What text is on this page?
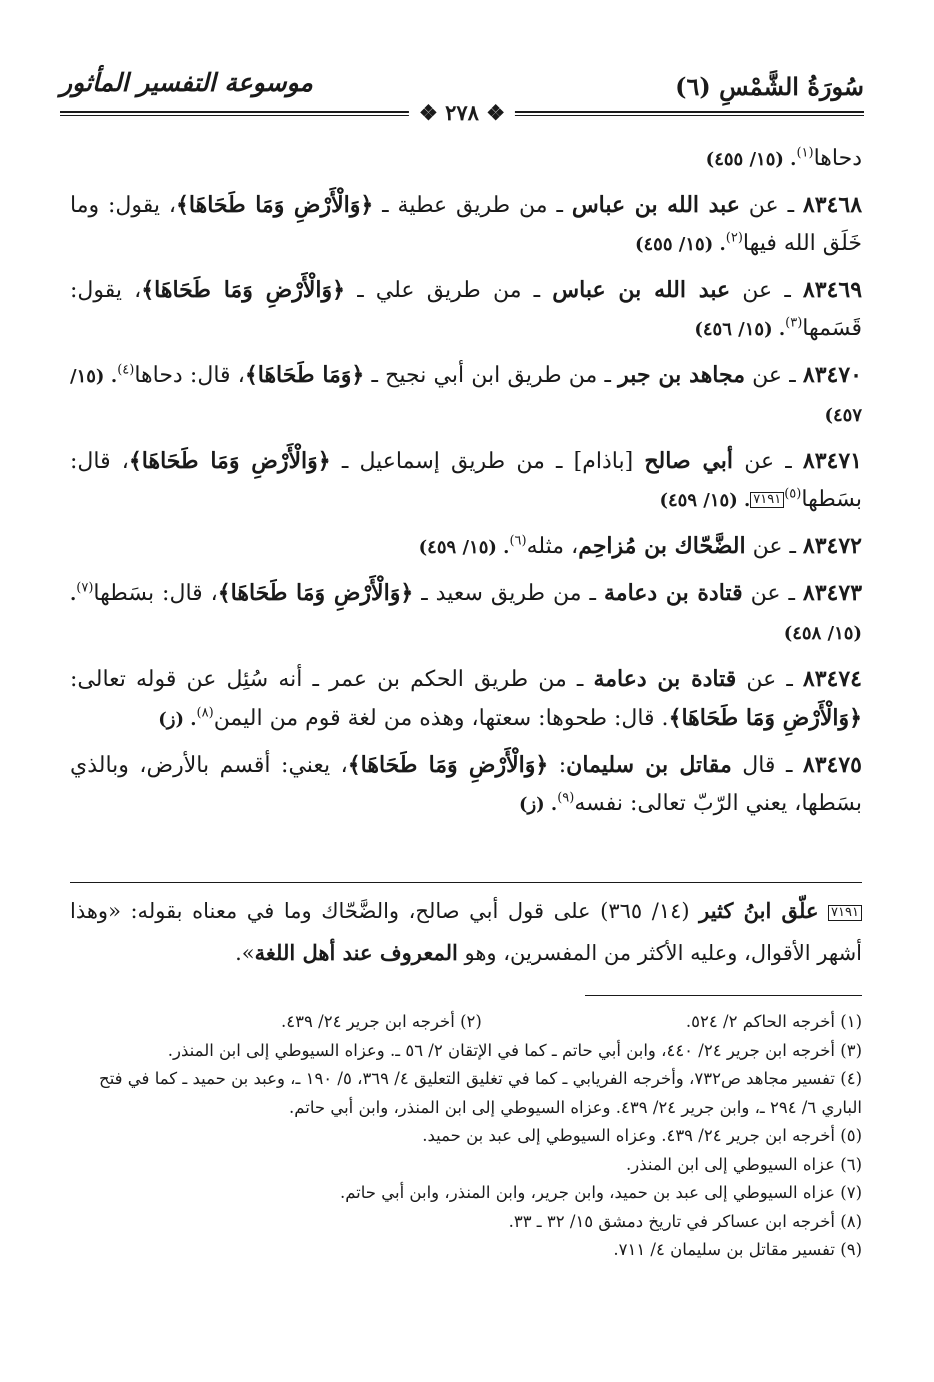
سُورَةُ الشَّمْسِ (٦)
موسوعة التفسير المأثور
❖ ٢٧٨ ❖

دحاها$^{(١)}$. (١٥/ ٤٥٥)

٨٣٤٦٨ ـ عن عبد الله بن عباس ـ من طريق عطية ـ ﴿وَالْأَرْضِ وَمَا طَحَاهَا﴾، يقول: وما خَلَق الله فيها$^{(٢)}$. (١٥/ ٤٥٥)

٨٣٤٦٩ ـ عن عبد الله بن عباس ـ من طريق علي ـ ﴿وَالْأَرْضِ وَمَا طَحَاهَا﴾، يقول: قَسَمها$^{(٣)}$. (١٥/ ٤٥٦)

٨٣٤٧٠ ـ عن مجاهد بن جبر ـ من طريق ابن أبي نجيح ـ ﴿وَمَا طَحَاهَا﴾، قال: دحاها$^{(٤)}$. (١٥/ ٤٥٧)

٨٣٤٧١ ـ عن أبي صالح [باذام] ـ من طريق إسماعيل ـ ﴿وَالْأَرْضِ وَمَا طَحَاهَا﴾، قال: بسَطها$^{(٥)}$٧١٩١. (١٥/ ٤٥٩)

٨٣٤٧٢ ـ عن الضَّحّاك بن مُزاحِم، مثله$^{(٦)}$. (١٥/ ٤٥٩)

٨٣٤٧٣ ـ عن قتادة بن دعامة ـ من طريق سعيد ـ ﴿وَالْأَرْضِ وَمَا طَحَاهَا﴾، قال: بسَطها$^{(٧)}$. (١٥/ ٤٥٨)

٨٣٤٧٤ ـ عن قتادة بن دعامة ـ من طريق الحكم بن عمر ـ أنه سُئِل عن قوله تعالى: ﴿وَالْأَرْضِ وَمَا طَحَاهَا﴾. قال: طحوها: سعتها، وهذه من لغة قوم من اليمن$^{(٨)}$. (ز)

٨٣٤٧٥ ـ قال مقاتل بن سليمان: ﴿وَالْأَرْضِ وَمَا طَحَاهَا﴾، يعني: أقسم بالأرض، وبالذي بسَطها، يعني الرّبّ تعالى: نفسه$^{(٩)}$. (ز)

٧١٩١ علّق ابنُ كثير (١٤/ ٣٦٥) على قول أبي صالح، والضَّحّاك وما في معناه بقوله: «وهذا أشهر الأقوال، وعليه الأكثر من المفسرين، وهو المعروف عند أهل اللغة».

(١) أخرجه الحاكم ٢/ ٥٢٤.

(٢) أخرجه ابن جرير ٢٤/ ٤٣٩.

(٣) أخرجه ابن جرير ٢٤/ ٤٤٠، وابن أبي حاتم ـ كما في الإتقان ٢/ ٥٦ ـ. وعزاه السيوطي إلى ابن المنذر.

(٤) تفسير مجاهد ص٧٣٢، وأخرجه الفريابي ـ كما في تغليق التعليق ٤/ ٣٦٩، ٥/ ١٩٠ ـ، وعبد بن حميد ـ كما في فتح الباري ٦/ ٢٩٤ ـ، وابن جرير ٢٤/ ٤٣٩. وعزاه السيوطي إلى ابن المنذر، وابن أبي حاتم.

(٥) أخرجه ابن جرير ٢٤/ ٤٣٩. وعزاه السيوطي إلى عبد بن حميد.

(٦) عزاه السيوطي إلى ابن المنذر.

(٧) عزاه السيوطي إلى عبد بن حميد، وابن جرير، وابن المنذر، وابن أبي حاتم.

(٨) أخرجه ابن عساكر في تاريخ دمشق ١٥/ ٣٢ ـ ٣٣.

(٩) تفسير مقاتل بن سليمان ٤/ ٧١١.
